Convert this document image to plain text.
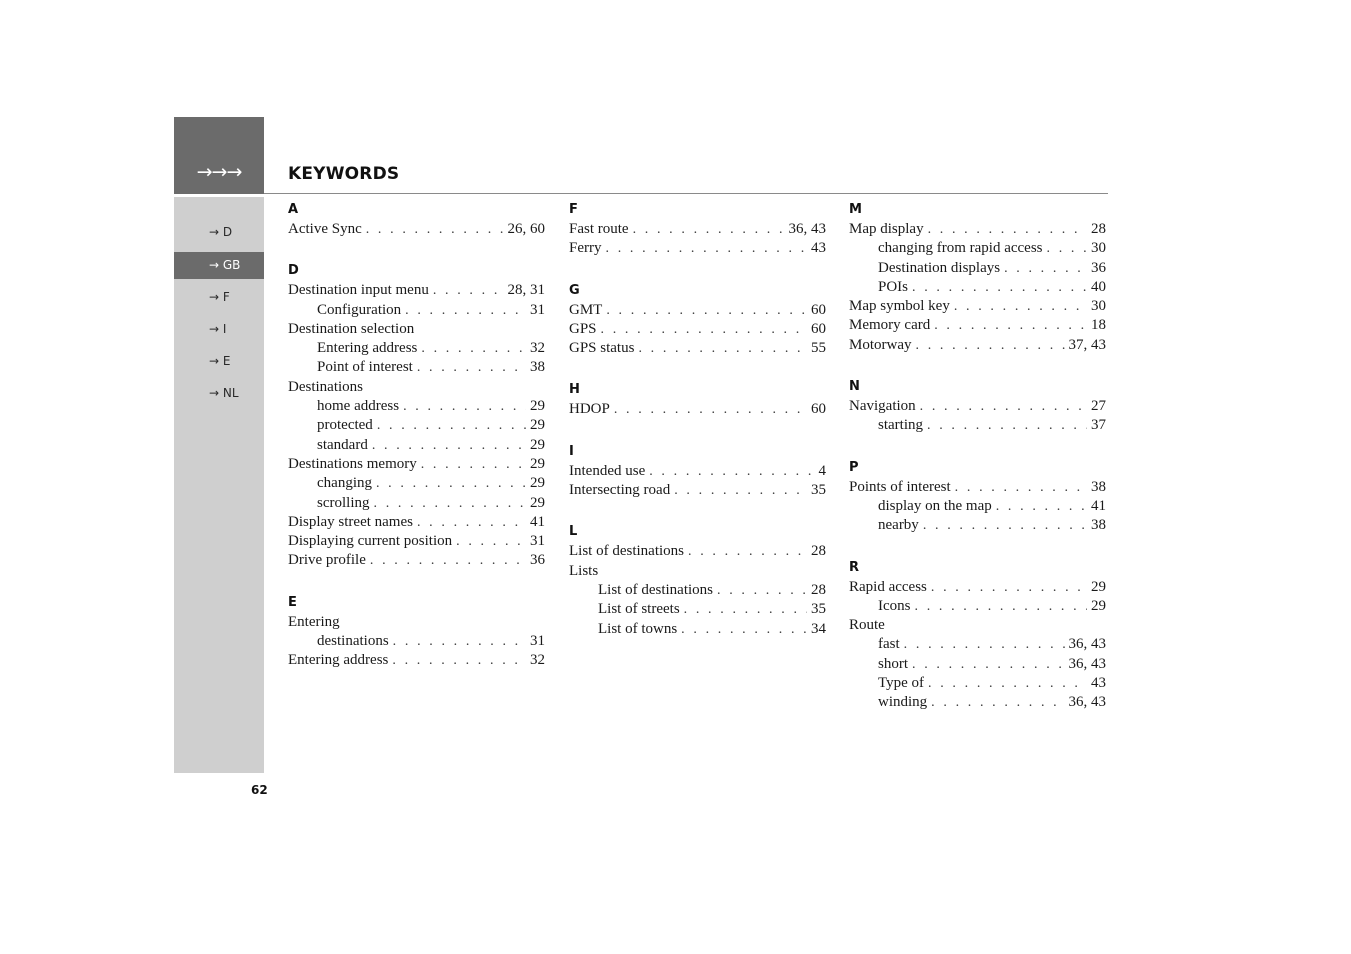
→→→
→ D
→ GB
→ F
→ I
→ E
→ NL
KEYWORDS
A
Active Sync . . .	26, 60
D
Destination input menu . . .	28, 31
Configuration . . .	31
Destination selection
Entering address . . .	32
Point of interest . . .	38
Destinations
home address . . .	29
protected . . .	29
standard . . .	29
Destinations memory . . .	29
changing . . .	29
scrolling . . .	29
Display street names . . .	41
Displaying current position . . .	31
Drive profile . . .	36
E
Entering
destinations . . .	31
Entering address . . .	32
F
Fast route . . .	36, 43
Ferry . . .	43
G
GMT . . .	60
GPS . . .	60
GPS status . . .	55
H
HDOP . . .	60
I
Intended use . . .	4
Intersecting road . . .	35
L
List of destinations . . .	28
Lists
List of destinations . . .	28
List of streets . . .	35
List of towns . . .	34
M
Map display . . .	28
changing from rapid access . . .	30
Destination displays . . .	36
POIs . . .	40
Map symbol key . . .	30
Memory card . . .	18
Motorway . . .	37, 43
N
Navigation . . .	27
starting . . .	37
P
Points of interest . . .	38
display on the map . . .	41
nearby . . .	38
R
Rapid access . . .	29
Icons . . .	29
Route
fast . . .	36, 43
short . . .	36, 43
Type of . . .	43
winding . . .	36, 43
62
